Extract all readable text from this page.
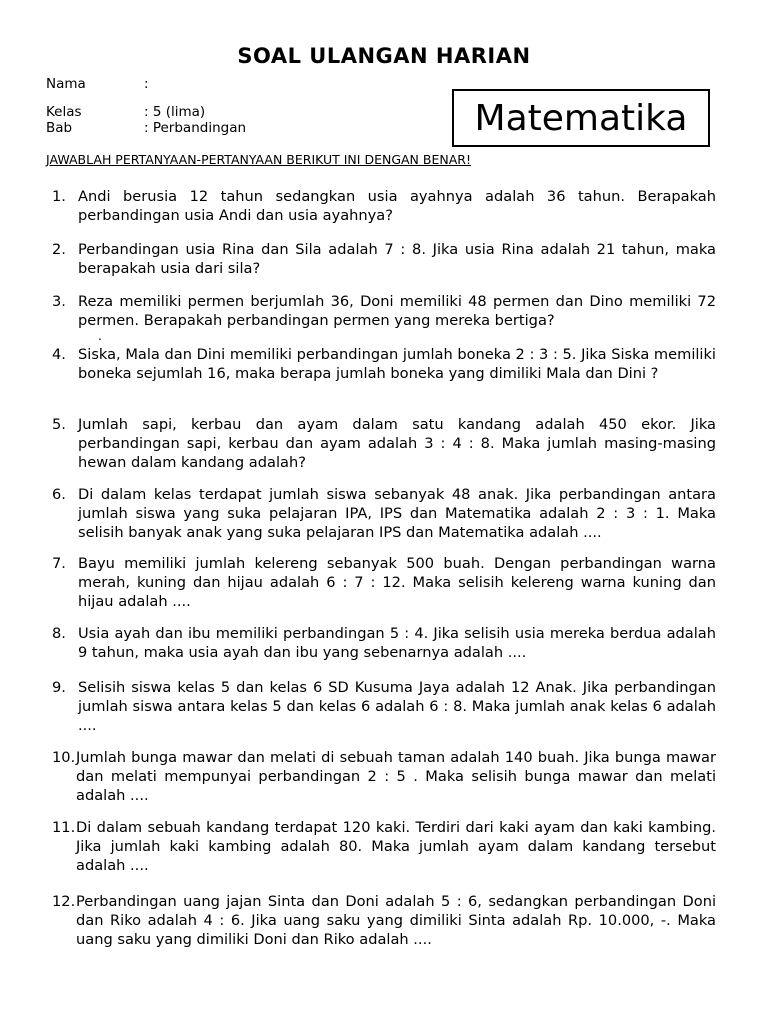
SOAL ULANGAN HARIAN
Nama	:
Kelas	: 5 (lima)
Bab	: Perbandingan	Matematika
JAWABLAH PERTANYAAN-PERTANYAAN BERIKUT INI DENGAN BENAR!
1. Andi berusia 12 tahun sedangkan usia ayahnya adalah 36 tahun. Berapakah perbandingan usia Andi dan usia ayahnya?
2. Perbandingan usia Rina dan Sila adalah 7 : 8. Jika usia Rina adalah 21 tahun, maka berapakah usia dari sila?
3. Reza memiliki permen berjumlah 36, Doni memiliki 48 permen dan Dino memiliki 72 permen. Berapakah perbandingan permen yang mereka bertiga?
.
4. Siska, Mala dan Dini memiliki perbandingan jumlah boneka 2 : 3 : 5. Jika Siska memiliki boneka sejumlah 16, maka berapa jumlah boneka yang dimiliki Mala dan Dini ?
5. Jumlah sapi, kerbau dan ayam dalam satu kandang adalah 450 ekor. Jika perbandingan sapi, kerbau dan ayam adalah 3 : 4 : 8. Maka jumlah masing-masing hewan dalam kandang adalah?
6. Di dalam kelas terdapat jumlah siswa sebanyak 48 anak. Jika perbandingan antara jumlah siswa yang suka pelajaran IPA, IPS dan Matematika adalah 2 : 3 : 1. Maka selisih banyak anak yang suka pelajaran IPS dan Matematika adalah ....
7. Bayu memiliki jumlah kelereng sebanyak 500 buah. Dengan perbandingan warna merah, kuning dan hijau adalah 6 : 7 : 12. Maka selisih kelereng warna kuning dan hijau adalah ....
8. Usia ayah dan ibu memiliki perbandingan 5 : 4. Jika selisih usia mereka berdua adalah 9 tahun, maka usia ayah dan ibu yang sebenarnya adalah ....
9. Selisih siswa kelas 5 dan kelas 6 SD Kusuma Jaya adalah 12 Anak. Jika perbandingan jumlah siswa antara kelas 5 dan kelas 6 adalah 6 : 8. Maka jumlah anak kelas 6 adalah ....
10. Jumlah bunga mawar dan melati di sebuah taman adalah 140 buah. Jika bunga mawar dan melati mempunyai perbandingan 2 : 5 . Maka selisih bunga mawar dan melati adalah ....
11. Di dalam sebuah kandang terdapat 120 kaki. Terdiri dari kaki ayam dan kaki kambing. Jika jumlah kaki kambing adalah 80. Maka jumlah ayam dalam kandang tersebut adalah ....
12. Perbandingan uang jajan Sinta dan Doni adalah 5 : 6, sedangkan perbandingan Doni dan Riko adalah 4 : 6. Jika uang saku yang dimiliki Sinta adalah Rp. 10.000, -. Maka uang saku yang dimiliki Doni dan Riko adalah ....
